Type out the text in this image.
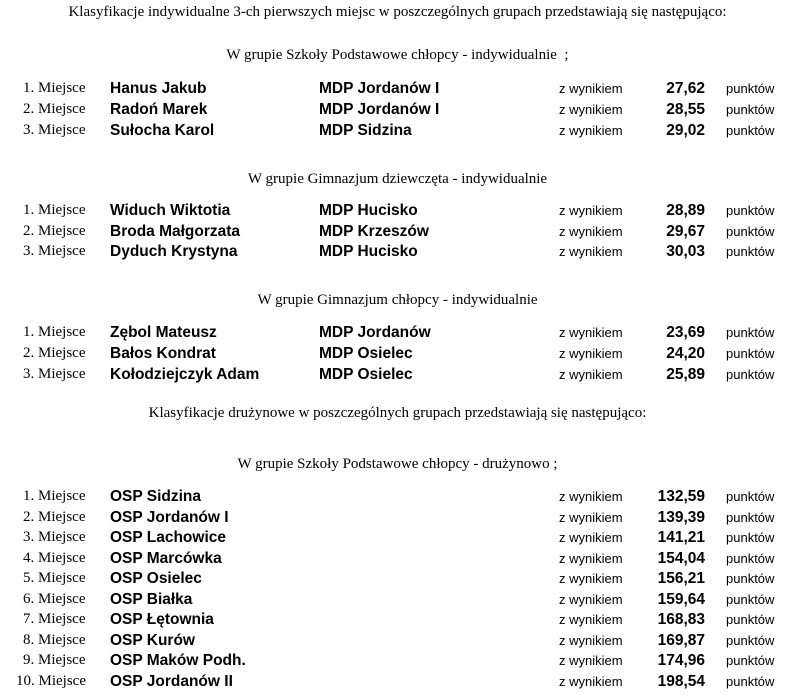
Klasyfikacje indywidualne 3-ch pierwszych miejsc w poszczególnych grupach przedstawiają się następująco:
W grupie Szkoły Podstawowe chłopcy - indywidualnie  ;
1. Miejsce Hanus Jakub	MDP Jordanów I	z wynikiem	27,62 punktów
2. Miejsce Radoń Marek	MDP Jordanów I	z wynikiem	28,55 punktów
3. Miejsce Sułocha Karol	MDP Sidzina	z wynikiem	29,02 punktów
W grupie Gimnazjum dziewczęta - indywidualnie
1. Miejsce Widuch Wiktotia	MDP Hucisko	z wynikiem	28,89 punktów
2. Miejsce Broda Małgorzata	MDP Krzeszów	z wynikiem	29,67 punktów
3. Miejsce Dyduch Krystyna	MDP Hucisko	z wynikiem	30,03 punktów
W grupie Gimnazjum chłopcy - indywidualnie
1. Miejsce Zębol Mateusz	MDP Jordanów	z wynikiem	23,69 punktów
2. Miejsce Bałos Kondrat	MDP Osielec	z wynikiem	24,20 punktów
3. Miejsce Kołodziejczyk Adam	MDP Osielec	z wynikiem	25,89 punktów
Klasyfikacje drużynowe w poszczególnych grupach przedstawiają się następująco:
W grupie Szkoły Podstawowe chłopcy - drużynowo ;
1. Miejsce OSP Sidzina	z wynikiem 132,59 punktów
2. Miejsce OSP Jordanów I	z wynikiem 139,39 punktów
3. Miejsce OSP Lachowice	z wynikiem 141,21 punktów
4. Miejsce OSP Marcówka	z wynikiem 154,04 punktów
5. Miejsce OSP Osielec	z wynikiem 156,21 punktów
6. Miejsce OSP Białka	z wynikiem 159,64 punktów
7. Miejsce OSP Łętownia	z wynikiem 168,83 punktów
8. Miejsce OSP Kurów	z wynikiem 169,87 punktów
9. Miejsce OSP Maków Podh.	z wynikiem 174,96 punktów
10. Miejsce OSP Jordanów II	z wynikiem 198,54 punktów
